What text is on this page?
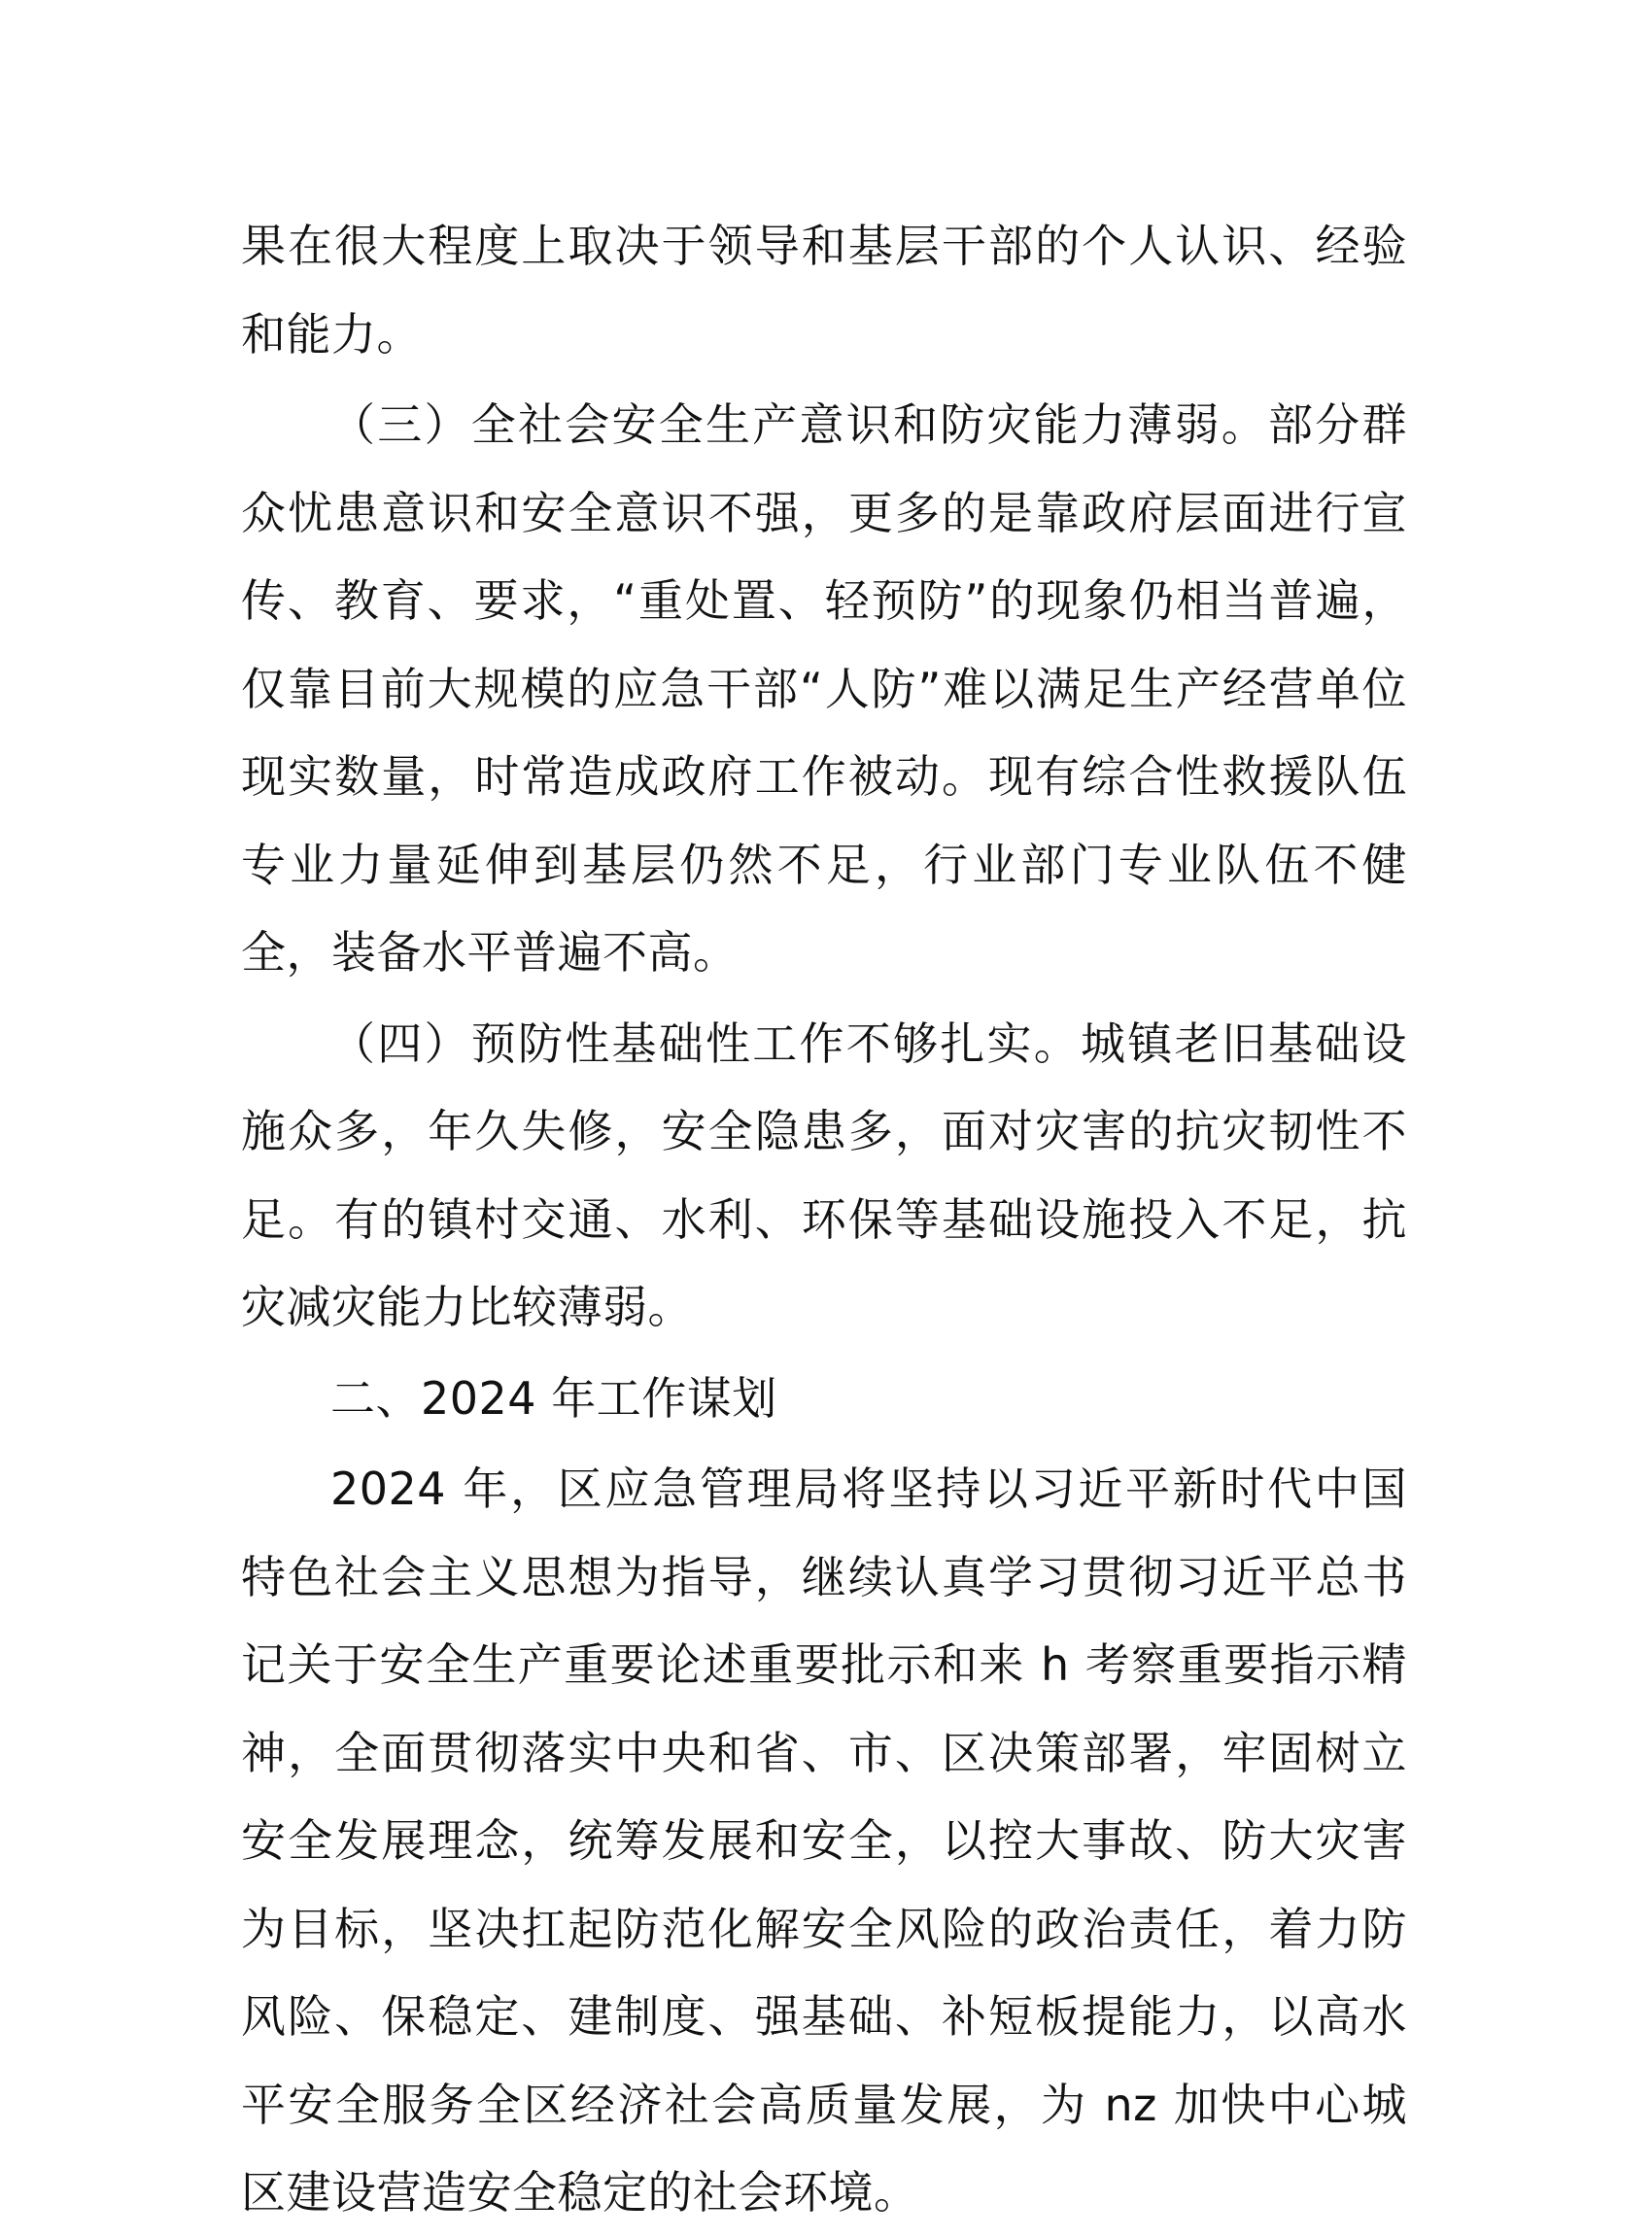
果在很大程度上取决于领导和基层干部的个人认识、经验和能力。

（三）全社会安全生产意识和防灾能力薄弱。部分群众忧患意识和安全意识不强，更多的是靠政府层面进行宣传、教育、要求，“重处置、轻预防”的现象仍相当普遍，仅靠目前大规模的应急干部“人防”难以满足生产经营单位现实数量，时常造成政府工作被动。现有综合性救援队伍专业力量延伸到基层仍然不足，行业部门专业队伍不健全，装备水平普遍不高。

（四）预防性基础性工作不够扎实。城镇老旧基础设施众多，年久失修，安全隐患多，面对灾害的抗灾韧性不足。有的镇村交通、水利、环保等基础设施投入不足，抗灾减灾能力比较薄弱。

二、2024 年工作谋划

2024 年，区应急管理局将坚持以习近平新时代中国特色社会主义思想为指导，继续认真学习贯彻习近平总书记关于安全生产重要论述重要批示和来 h 考察重要指示精神，全面贯彻落实中央和省、市、区决策部署，牢固树立安全发展理念，统筹发展和安全，以控大事故、防大灾害为目标，坚决扛起防范化解安全风险的政治责任，着力防风险、保稳定、建制度、强基础、补短板提能力，以高水平安全服务全区经济社会高质量发展，为 nz 加快中心城区建设营造安全稳定的社会环境。
